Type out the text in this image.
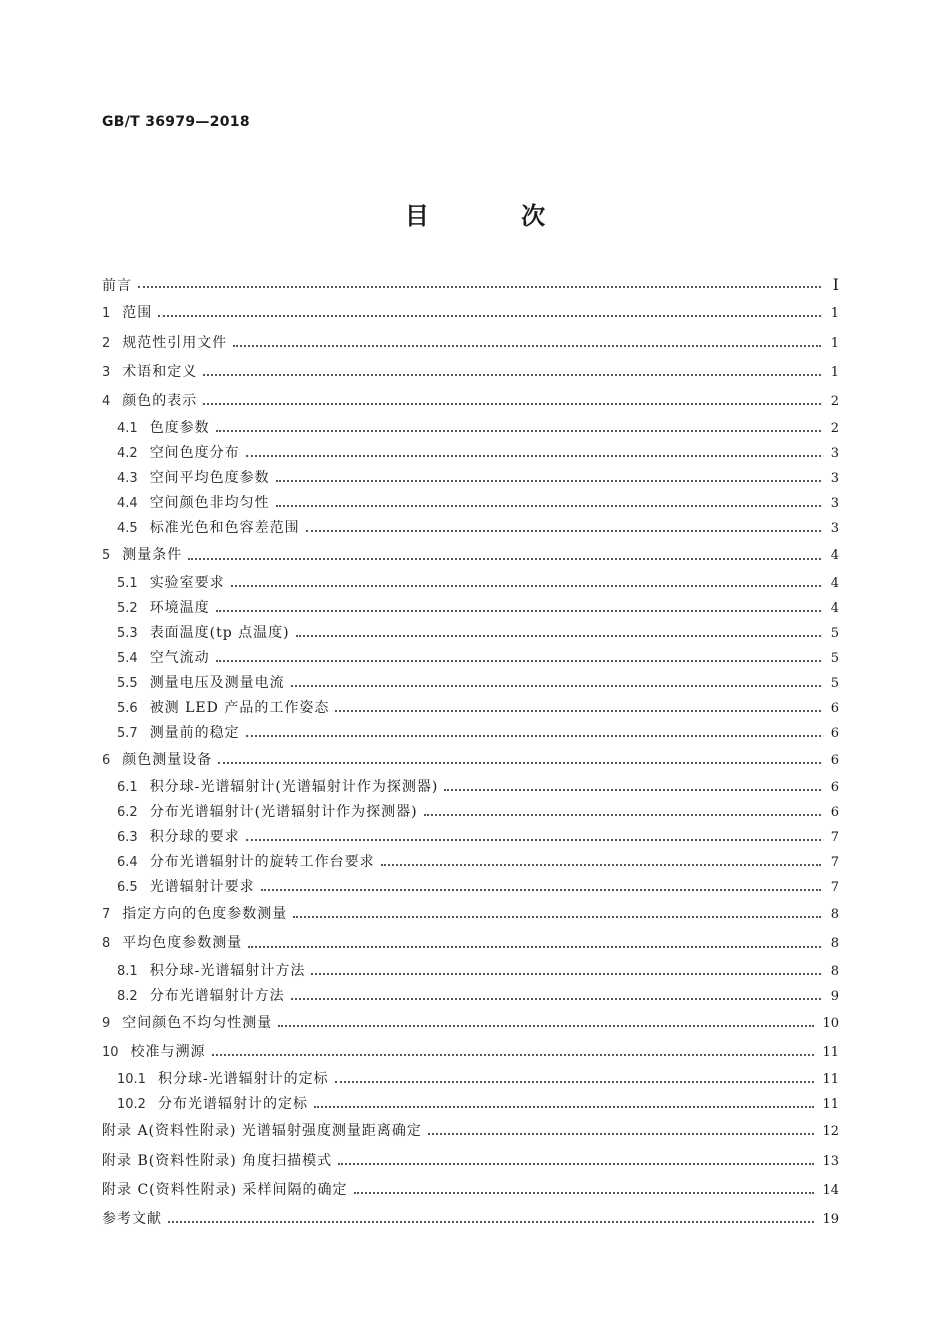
GB/T 36979—2018
目 次
前言	I
1 范围	1
2 规范性引用文件	1
3 术语和定义	1
4 颜色的表示	2
4.1 色度参数	2
4.2 空间色度分布	3
4.3 空间平均色度参数	3
4.4 空间颜色非均匀性	3
4.5 标准光色和色容差范围	3
5 测量条件	4
5.1 实验室要求	4
5.2 环境温度	4
5.3 表面温度(tp 点温度)	5
5.4 空气流动	5
5.5 测量电压及测量电流	5
5.6 被测 LED 产品的工作姿态	6
5.7 测量前的稳定	6
6 颜色测量设备	6
6.1 积分球-光谱辐射计(光谱辐射计作为探测器)	6
6.2 分布光谱辐射计(光谱辐射计作为探测器)	6
6.3 积分球的要求	7
6.4 分布光谱辐射计的旋转工作台要求	7
6.5 光谱辐射计要求	7
7 指定方向的色度参数测量	8
8 平均色度参数测量	8
8.1 积分球-光谱辐射计方法	8
8.2 分布光谱辐射计方法	9
9 空间颜色不均匀性测量	10
10 校准与溯源	11
10.1 积分球-光谱辐射计的定标	11
10.2 分布光谱辐射计的定标	11
附录 A(资料性附录) 光谱辐射强度测量距离确定	12
附录 B(资料性附录) 角度扫描模式	13
附录 C(资料性附录) 采样间隔的确定	14
参考文献	19
